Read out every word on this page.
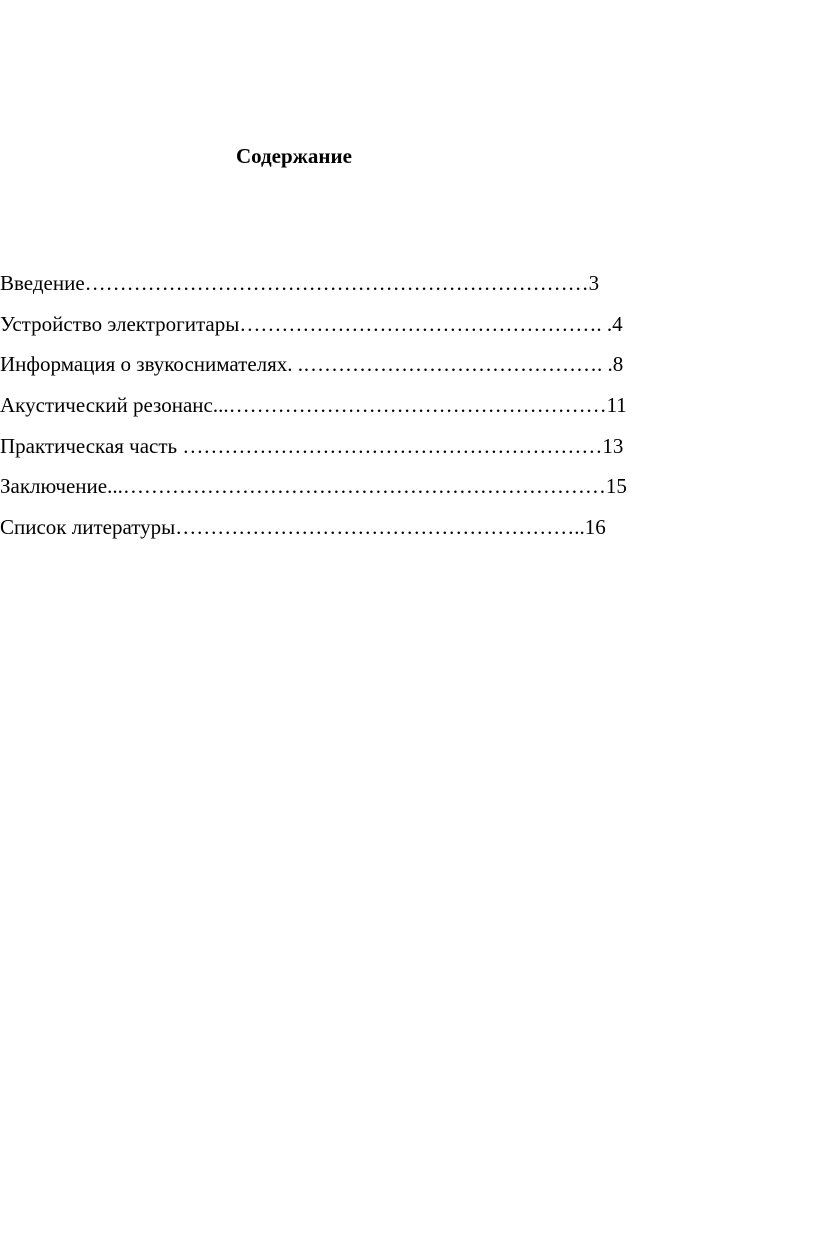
Содержание
Введение………………………………………………………………3
Устройство электрогитары……………………………………………. .4
Информация о звукоснимателях. .……………………………………. .8
Акустический резонанс...………………………………………………11
Практическая часть ……………………………………………………13
Заключение...……………………………………………………………15
Список литературы…………………………………………………..16
